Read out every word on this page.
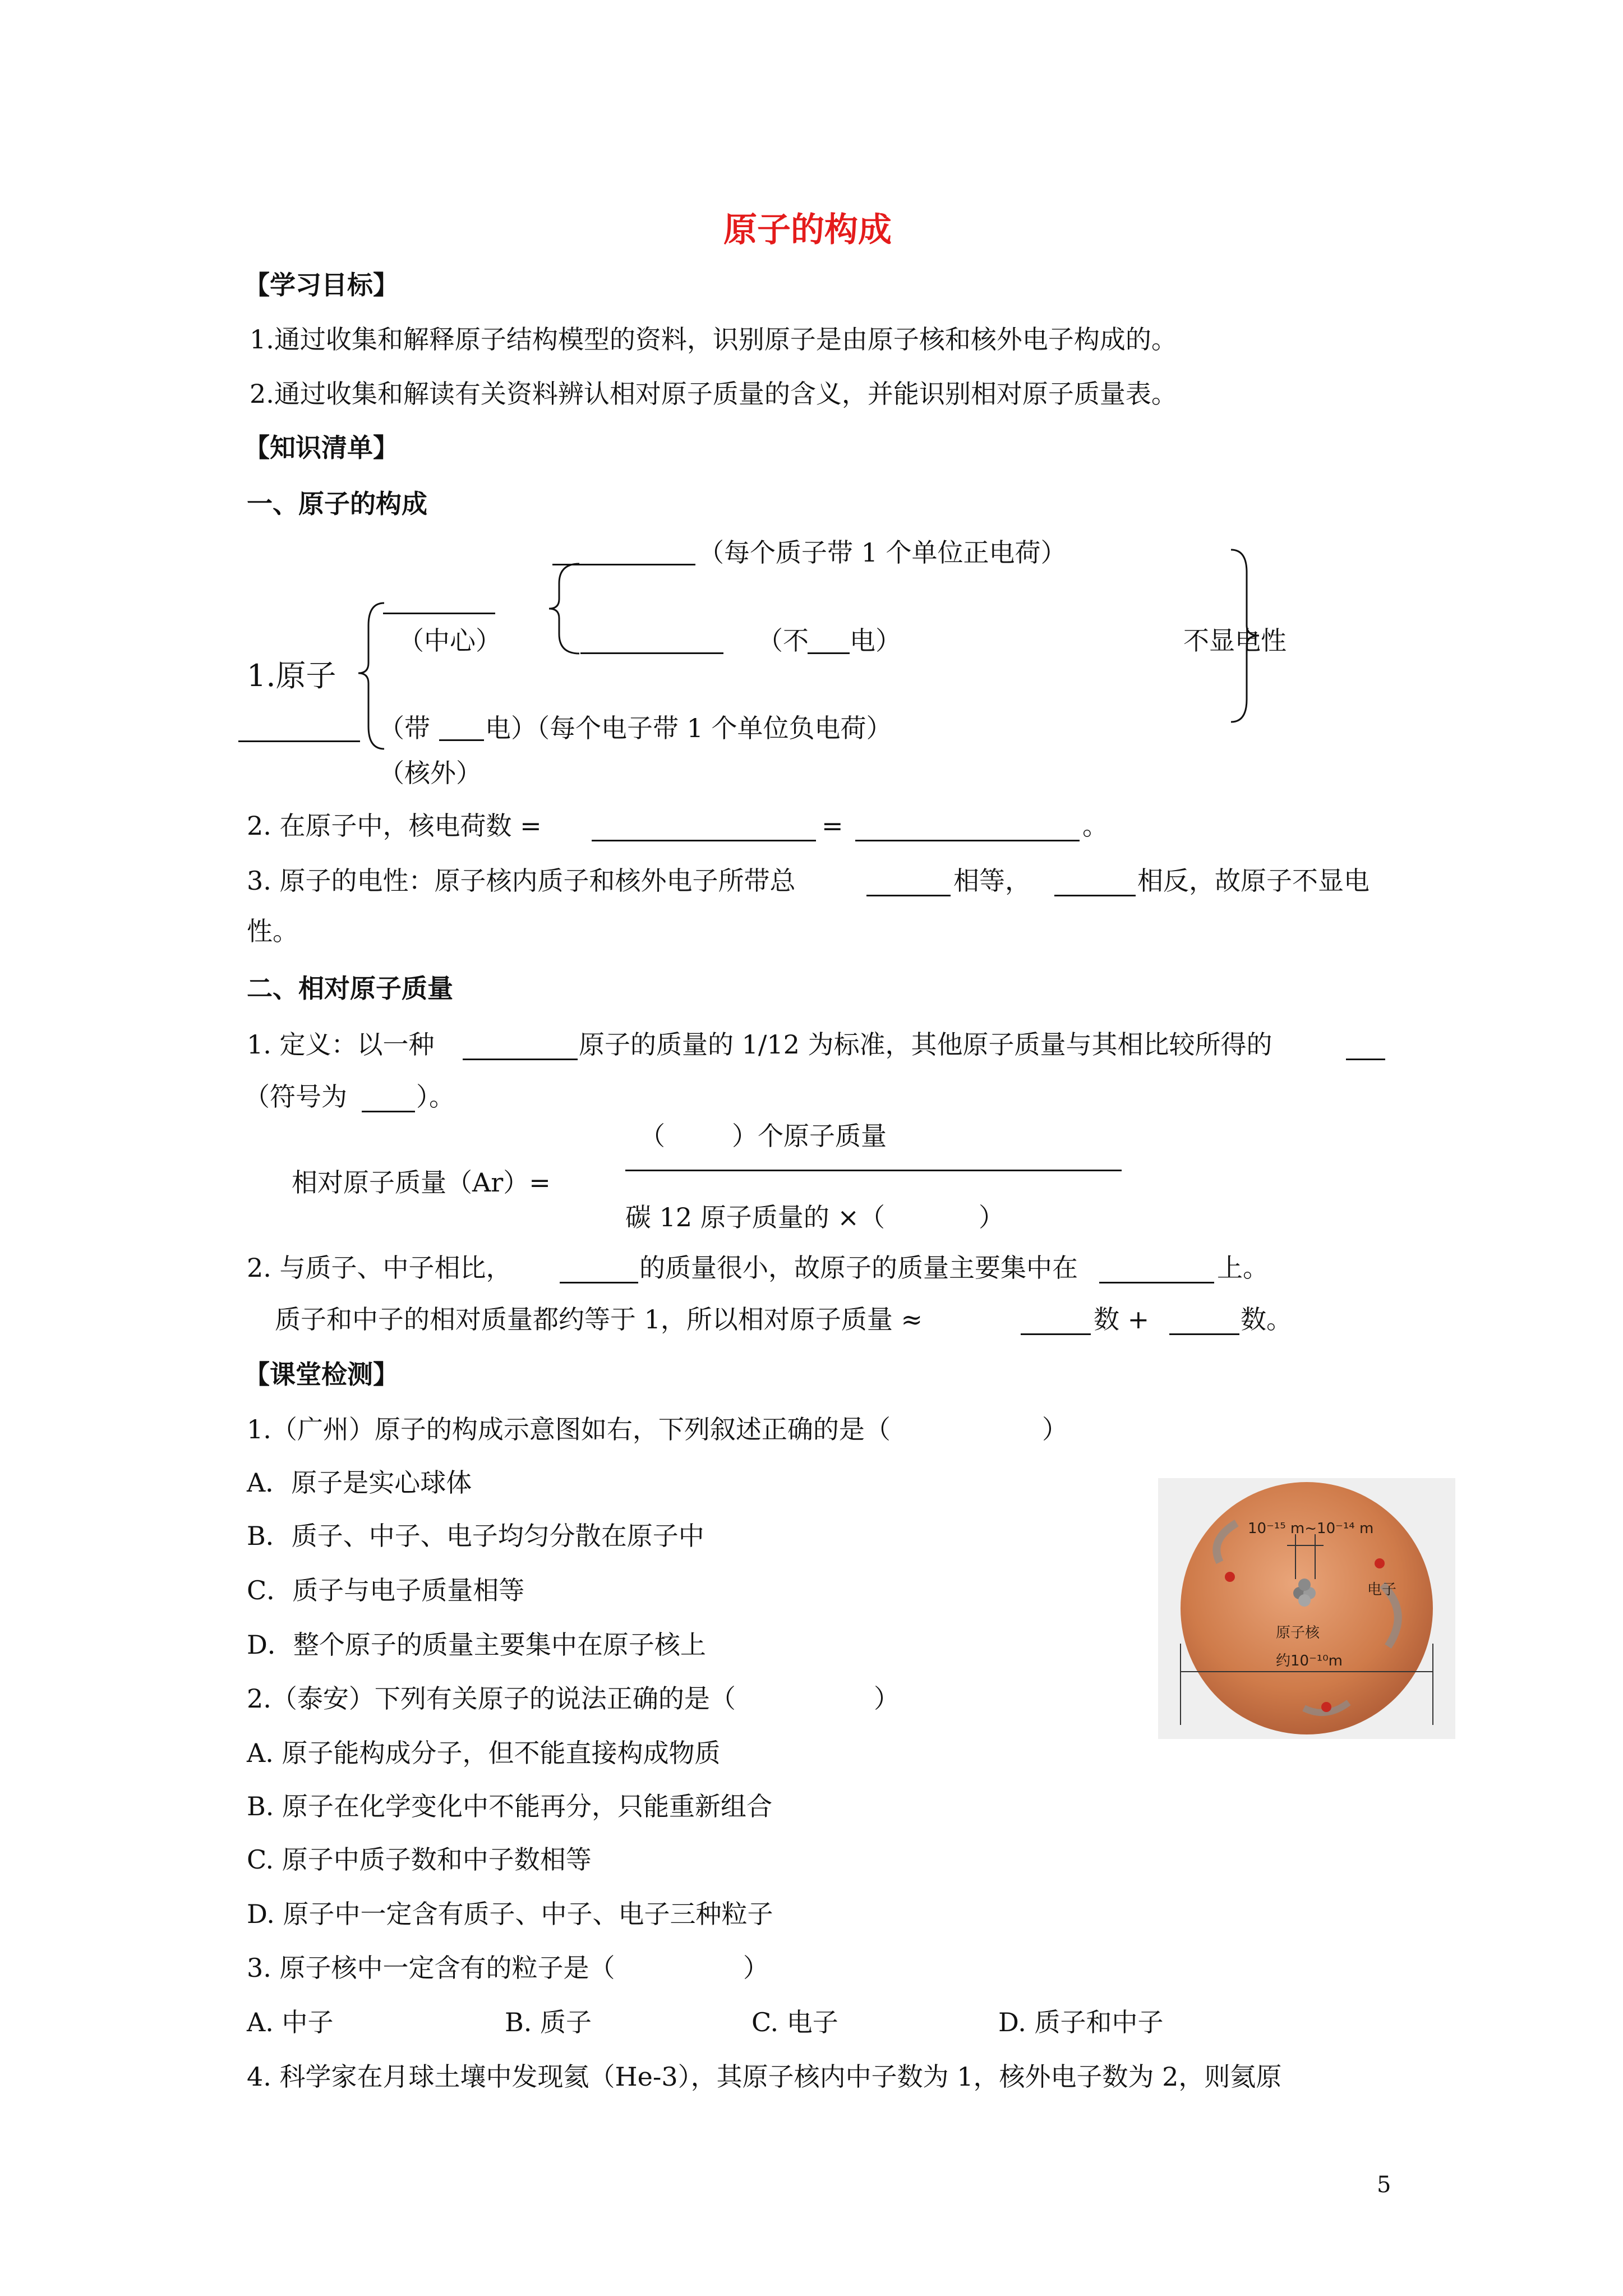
原子的构成
【学习目标】
1.通过收集和解释原子结构模型的资料，识别原子是由原子核和核外电子构成的。
2.通过收集和解读有关资料辨认相对原子质量的含义，并能识别相对原子质量表。
【知识清单】
一、原子的构成
（每个质子带 1 个单位正电荷）
（中心）	（不 电）	不显电性
1.原子
（带 电）（每个电子带 1 个单位负电荷）
（核外）
2. 在原子中，核电荷数 =	=	。
3. 原子的电性：原子核内质子和核外电子所带总	相等，	相反，故原子不显电
性。
二、相对原子质量
1. 定义：以一种	原子的质量的 1/12 为标准，其他原子质量与其相比较所得的
（符号为	）。
（	）个原子质量
相对原子质量（Ar）=
碳 12 原子质量的 ×（	）
2. 与质子、中子相比，	的质量很小，故原子的质量主要集中在	上。
质子和中子的相对质量都约等于 1，所以相对原子质量 ≈	数 +	数。
【课堂检测】
1.（广州）原子的构成示意图如右，下列叙述正确的是（	）
A．原子是实心球体
B．质子、中子、电子均匀分散在原子中
C．质子与电子质量相等
D．整个原子的质量主要集中在原子核上
2.（泰安）下列有关原子的说法正确的是（	）
A. 原子能构成分子，但不能直接构成物质
B. 原子在化学变化中不能再分，只能重新组合
C. 原子中质子数和中子数相等
D. 原子中一定含有质子、中子、电子三种粒子
3. 原子核中一定含有的粒子是（	）
A. 中子	B. 质子	C. 电子	D. 质子和中子
4. 科学家在月球土壤中发现氦（He-3），其原子核内中子数为 1，核外电子数为 2，则氦原
10⁻¹⁵ m~10⁻¹⁴ m
电子
原子核
约10⁻¹⁰m
5
